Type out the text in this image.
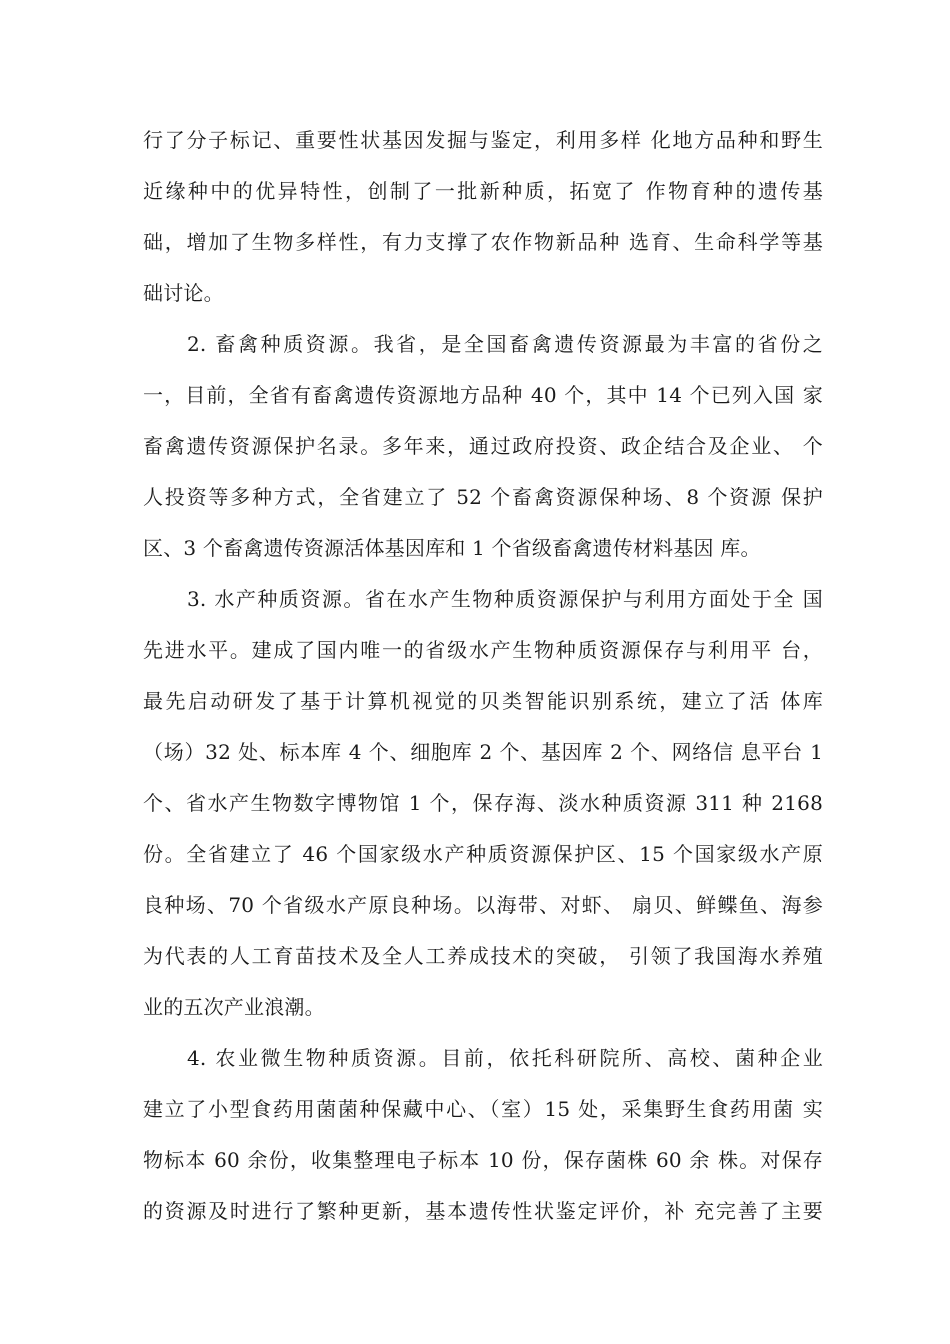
行了分子标记、重要性状基因发掘与鉴定，利用多样 化地方品种和野生
近缘种中的优异特性，创制了一批新种质，拓宽了 作物育种的遗传基
础，增加了生物多样性，有力支撑了农作物新品种 选育、生命科学等基
础讨论。
2. 畜禽种质资源。我省，是全国畜禽遗传资源最为丰富的省份之
一，目前，全省有畜禽遗传资源地方品种 40 个，其中 14 个已列入国 家
畜禽遗传资源保护名录。多年来，通过政府投资、政企结合及企业、 个
人投资等多种方式，全省建立了 52 个畜禽资源保种场、8 个资源 保护
区、3 个畜禽遗传资源活体基因库和 1 个省级畜禽遗传材料基因 库。
3. 水产种质资源。省在水产生物种质资源保护与利用方面处于全 国
先进水平。建成了国内唯一的省级水产生物种质资源保存与利用平 台，
最先启动研发了基于计算机视觉的贝类智能识别系统，建立了活 体库
（场）32 处、标本库 4 个、细胞库 2 个、基因库 2 个、网络信 息平台 1
个、省水产生物数字博物馆 1 个，保存海、淡水种质资源 311 种 2168
份。全省建立了 46 个国家级水产种质资源保护区、15 个国家级水产原
良种场、70 个省级水产原良种场。以海带、对虾、 扇贝、鲜鲽鱼、海参
为代表的人工育苗技术及全人工养成技术的突破， 引领了我国海水养殖
业的五次产业浪潮。
4. 农业微生物种质资源。目前，依托科研院所、高校、菌种企业
建立了小型食药用菌菌种保藏中心、（室）15 处，采集野生食药用菌 实
物标本 60 余份，收集整理电子标本 10 份，保存菌株 60 余 株。对保存
的资源及时进行了繁种更新，基本遗传性状鉴定评价，补 充完善了主要
